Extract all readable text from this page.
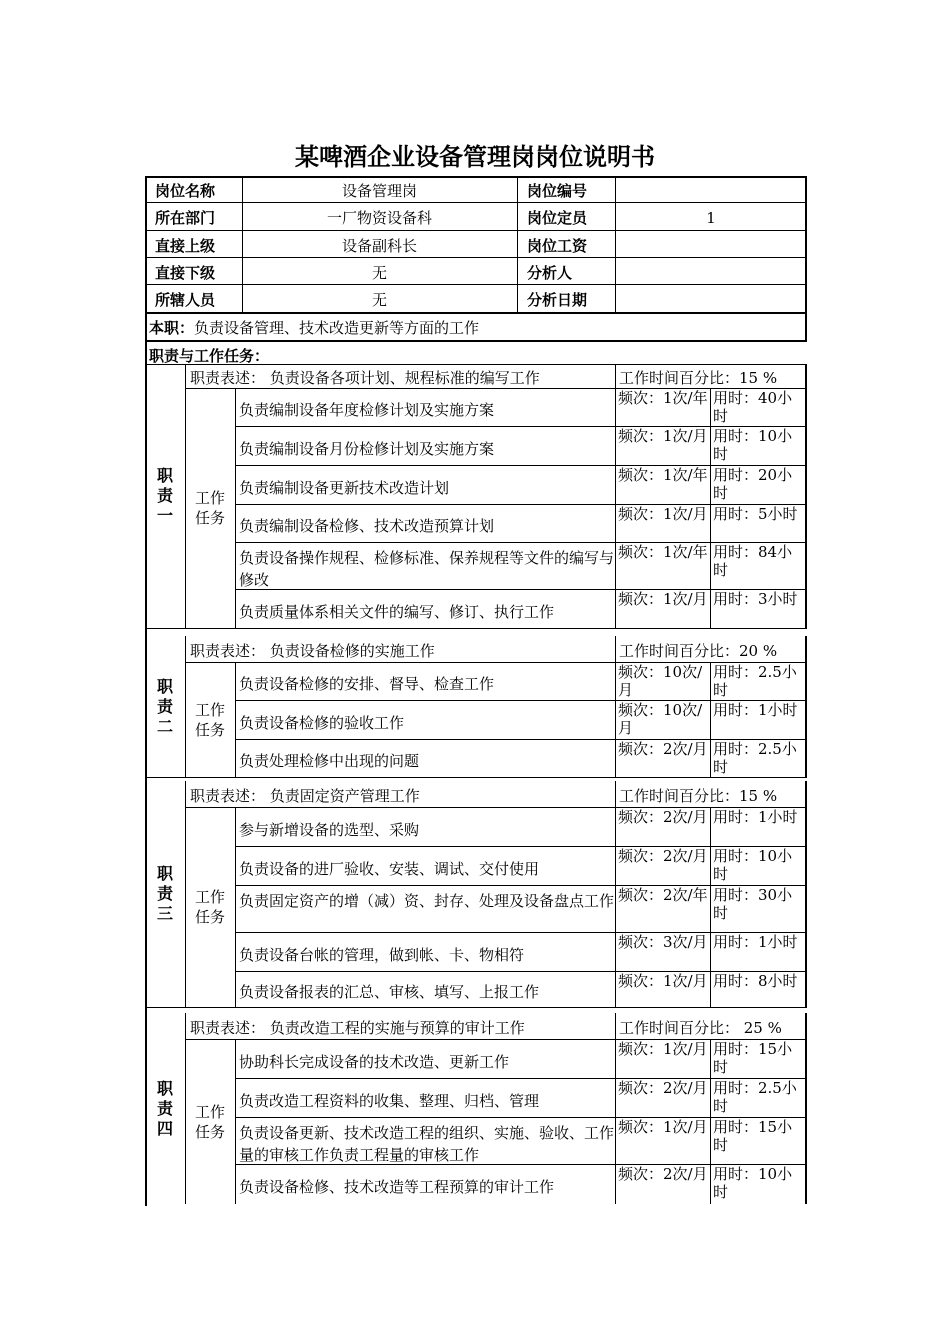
某啤酒企业设备管理岗岗位说明书
岗位名称	设备管理岗	岗位编号
所在部门	一厂物资设备科	岗位定员	1
直接上级	设备副科长	岗位工资
直接下级	无	分析人
所辖人员	无	分析日期
本职：负责设备管理、技术改造更新等方面的工作
职责与工作任务：
职责一
职责表述： 负责设备各项计划、规程标准的编写工作	工作时间百分比：15 %
工作任务
负责编制设备年度检修计划及实施方案
频次：1次/年 用时：40小时
负责编制设备月份检修计划及实施方案
频次：1次/月 用时：10小时
负责编制设备更新技术改造计划
频次：1次/年 用时：20小时
负责编制设备检修、技术改造预算计划
频次：1次/月 用时：5小时
负责设备操作规程、检修标准、保养规程等文件的编写与修改
频次：1次/年 用时：84小时
负责质量体系相关文件的编写、修订、执行工作
频次：1次/月 用时：3小时
职责二
职责表述： 负责设备检修的实施工作	工作时间百分比：20 %
工作任务
负责设备检修的安排、督导、检查工作
频次：10次/月
用时：2.5小时
负责设备检修的验收工作
频次：10次/月
用时：1小时
负责处理检修中出现的问题
频次：2次/月 用时：2.5小时
职责三
职责表述： 负责固定资产管理工作	工作时间百分比：15 %
工作任务
参与新增设备的选型、采购
频次：2次/月 用时：1小时
负责设备的进厂验收、安装、调试、交付使用
频次：2次/月 用时：10小时
负责固定资产的增（减）资、封存、处理及设备盘点工作 频次：2次/年 用时：30小时
负责设备台帐的管理，做到帐、卡、物相符
频次：3次/月 用时：1小时
负责设备报表的汇总、审核、填写、上报工作
频次：1次/月 用时：8小时
职责四
职责表述： 负责改造工程的实施与预算的审计工作	工作时间百分比： 25 %
工作任务
协助科长完成设备的技术改造、更新工作
频次：1次/月 用时：15小时
负责改造工程资料的收集、整理、归档、管理
频次：2次/月 用时：2.5小时
负责设备更新、技术改造工程的组织、实施、验收、工作量的审核工作负责工程量的审核工作
频次：1次/月 用时：15小时
负责设备检修、技术改造等工程预算的审计工作
频次：2次/月 用时：10小时
